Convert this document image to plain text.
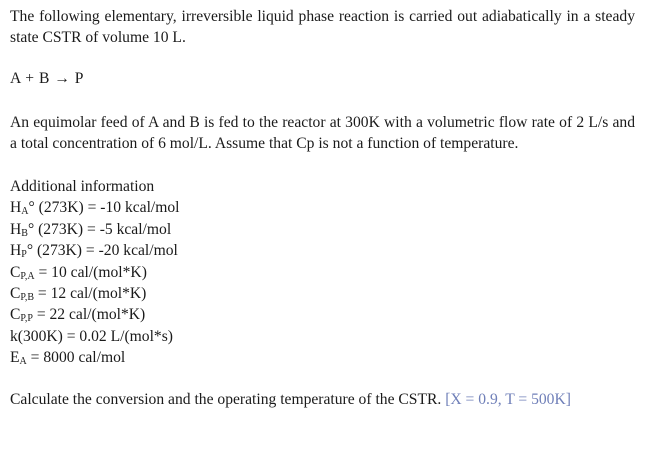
The following elementary, irreversible liquid phase reaction is carried out adiabatically in a steady state CSTR of volume 10 L.

A + B → P

An equimolar feed of A and B is fed to the reactor at 300K with a volumetric flow rate of 2 L/s and a total concentration of 6 mol/L. Assume that Cp is not a function of temperature.

Additional information
$H_A^\circ$ (273K) = -10 kcal/mol
$H_B^\circ$ (273K) = -5 kcal/mol
$H_P^\circ$ (273K) = -20 kcal/mol
$C_{P,A} = 10$ cal/(mol*K)
$C_{P,B} = 12$ cal/(mol*K)
$C_{P,P} = 22$ cal/(mol*K)
k(300K) = 0.02 L/(mol*s)
$E_A = 8000$ cal/mol
Calculate the conversion and the operating temperature of the CSTR. [X = 0.9, T = 500K]
